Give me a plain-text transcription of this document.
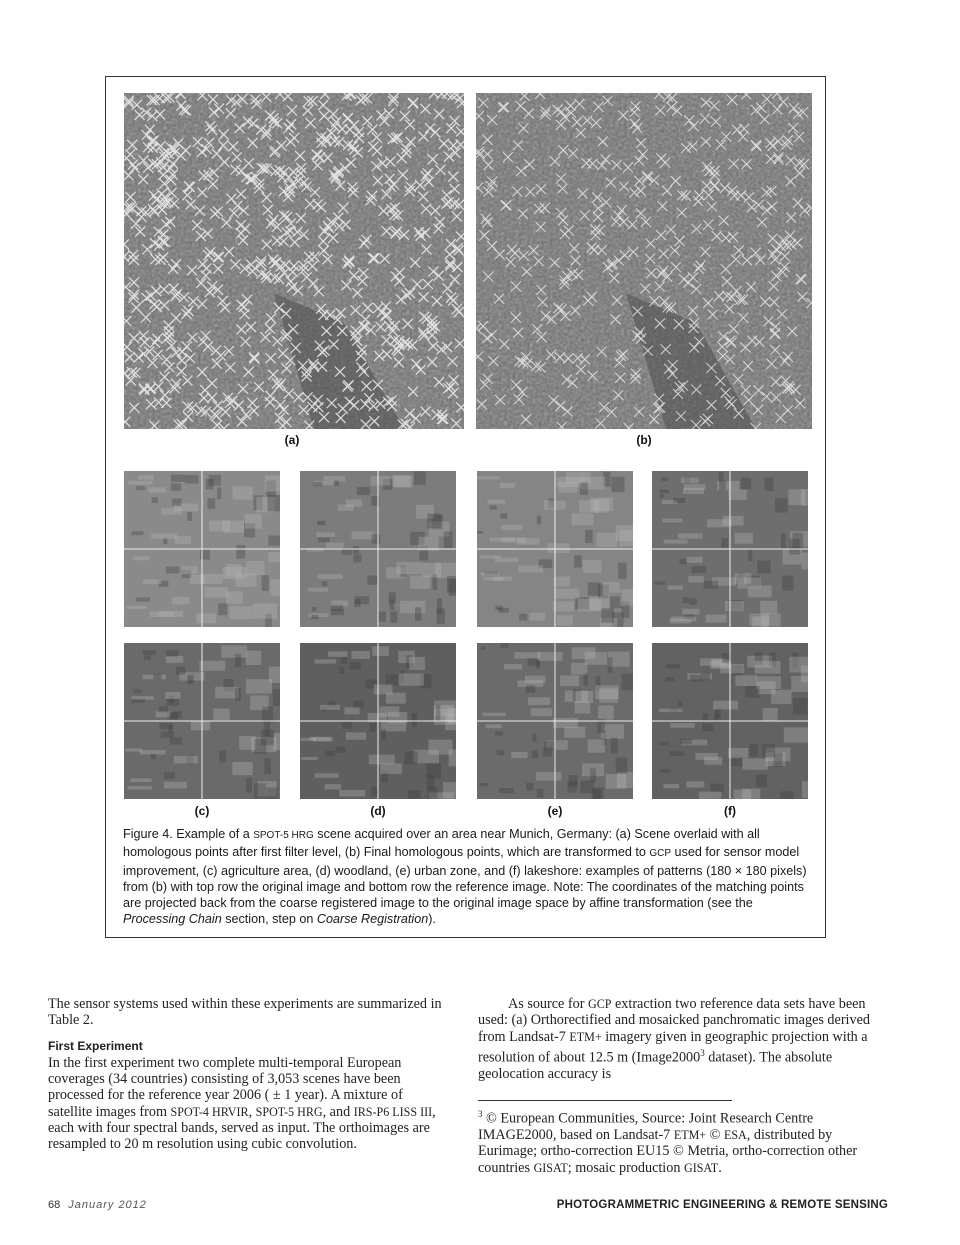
(a)	(b)
(c)	(d)	(e)	(f)
Figure 4. Example of a SPOT-5 HRG scene acquired over an area near Munich, Germany: (a) Scene overlaid with all homologous points after first filter level, (b) Final homologous points, which are transformed to GCP used for sensor model improvement, (c) agriculture area, (d) woodland, (e) urban zone, and (f) lakeshore: examples of patterns (180 × 180 pixels) from (b) with top row the original image and bottom row the reference image. Note: The coordinates of the matching points are projected back from the coarse registered image to the original image space by affine transformation (see the Processing Chain section, step on Coarse Registration).

The sensor systems used within these experiments are summarized in Table 2.

First Experiment

In the first experiment two complete multi-temporal European coverages (34 countries) consisting of 3,053 scenes have been processed for the reference year 2006 ( ± 1 year). A mixture of satellite images from SPOT-4 HRVIR, SPOT-5 HRG, and IRS-P6 LISS III, each with four spectral bands, served as input. The orthoimages are resampled to 20 m resolution using cubic convolution.

As source for GCP extraction two reference data sets have been used: (a) Orthorectified and mosaicked panchromatic images derived from Landsat-7 ETM+ imagery given in geographic projection with a resolution of about 12.5 m (Image2000$^3$ dataset). The absolute geolocation accuracy is

$^3$ © European Communities, Source: Joint Research Centre IMAGE2000, based on Landsat-7 ETM+ © ESA, distributed by Eurimage; ortho-correction EU15 © Metria, ortho-correction other countries GISAT; mosaic production GISAT.

68 January 2012	PHOTOGRAMMETRIC ENGINEERING & REMOTE SENSING
